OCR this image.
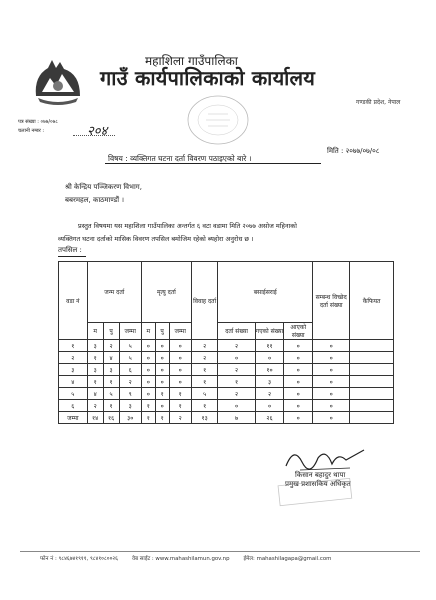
महाशिला गाउँपालिका
गाउँ कार्यपालिकाको कार्यालय
गण्डकी प्रदेश, नेपाल
पत्र संख्या : ०७७/०७८
चलानी नम्बर :	२०४
मिति : २०७७/०७/०८
विषय : व्यक्तिगत घटना दर्ता विवरण पठाइएको बारे ।
श्री केन्द्रिय पञ्जिकरण विभाग,
बबरमहल, काठमाण्डौं ।
प्रस्तुत विषयमा यस महाशिला गाउँपालिका अन्तर्गत ६ वटा वडामा मिति २०७७ असोज महिनाको
व्यक्तिगत घटना दर्ताको मासिक विवरण तपसिल बमोजिम रहेको ब्यहोरा अनुरोध छ ।
तपसिल :
वडा नं	जन्म दर्ता			मृत्यु दर्ता			विवाह दर्ता	बसाईसराई			सम्बन्ध विच्छेद दर्ता संख्या	कैफियत
	म	पु	जम्मा	म	पु	जम्मा		दर्ता संख्या	गएको संख्या	आएको संख्या		
१	३	२	५	०	०	०	२	२	११	०	०	
२	१	४	५	०	०	०	२	०	०	०	०	
३	३	३	६	०	०	०	१	२	१०	०	०	
४	१	१	२	०	०	०	१	१	३	०	०	
५	४	५	९	०	१	१	५	२	२	०	०	
६	२	१	३	१	०	१	१	०	०	०	०	
जम्मा	१४	१६	३०	१	१	२	१३	७	२६	०	०	
किसान बहादुर थापा
प्रमुख प्रशासकिय अधिकृत
फोन नं : ९८४६७४१९११, ९८४१०८००२६	वेब साईट : www.mahashilamun.gov.np	ईमेल: mahashilagapa@gmail.com
